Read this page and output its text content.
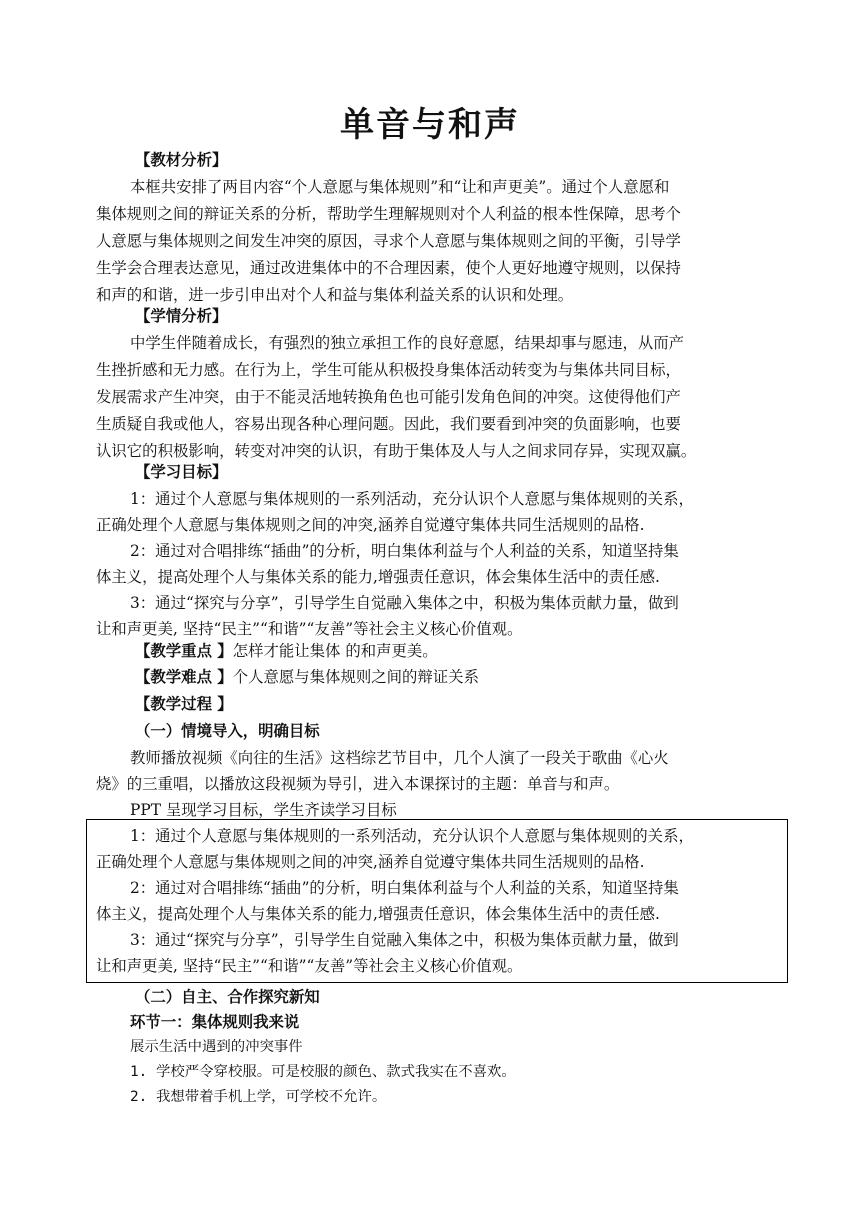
单音与和声
【教材分析】
本框共安排了两目内容“个人意愿与集体规则”和“让和声更美”。通过个人意愿和
集体规则之间的辩证关系的分析，帮助学生理解规则对个人利益的根本性保障，思考个
人意愿与集体规则之间发生冲突的原因，寻求个人意愿与集体规则之间的平衡，引导学
生学会合理表达意见，通过改进集体中的不合理因素，使个人更好地遵守规则，以保持
和声的和谐，进一步引申出对个人和益与集体利益关系的认识和处理。
【学情分析】
中学生伴随着成长，有强烈的独立承担工作的良好意愿，结果却事与愿违，从而产
生挫折感和无力感。在行为上，学生可能从积极投身集体活动转变为与集体共同目标，
发展需求产生冲突，由于不能灵活地转换角色也可能引发角色间的冲突。这使得他们产
生质疑自我或他人，容易出现各种心理问题。因此，我们要看到冲突的负面影响，也要
认识它的积极影响，转变对冲突的认识，有助于集体及人与人之间求同存异，实现双赢。
【学习目标】
1：通过个人意愿与集体规则的一系列活动，充分认识个人意愿与集体规则的关系，
正确处理个人意愿与集体规则之间的冲突,涵养自觉遵守集体共同生活规则的品格.
2：通过对合唱排练“插曲”的分析，明白集体利益与个人利益的关系，知道坚持集
体主义，提高处理个人与集体关系的能力,增强责任意识，体会集体生活中的责任感.
3：通过“探究与分享”，引导学生自觉融入集体之中，积极为集体贡献力量，做到
让和声更美, 坚持“民主”“和谐”“友善”等社会主义核心价值观。
【教学重点 】怎样才能让集体 的和声更美。
【教学难点 】个人意愿与集体规则之间的辩证关系
【教学过程 】
（一）情境导入，明确目标
教师播放视频《向往的生活》这档综艺节目中，几个人演了一段关于歌曲《心火
烧》的三重唱，以播放这段视频为导引，进入本课探讨的主题：单音与和声。
PPT 呈现学习目标，学生齐读学习目标
1：通过个人意愿与集体规则的一系列活动，充分认识个人意愿与集体规则的关系，
正确处理个人意愿与集体规则之间的冲突,涵养自觉遵守集体共同生活规则的品格.
2：通过对合唱排练“插曲”的分析，明白集体利益与个人利益的关系，知道坚持集
体主义，提高处理个人与集体关系的能力,增强责任意识，体会集体生活中的责任感.
3：通过“探究与分享”，引导学生自觉融入集体之中，积极为集体贡献力量，做到
让和声更美, 坚持“民主”“和谐”“友善”等社会主义核心价值观。
（二）自主、合作探究新知
环节一：集体规则我来说
展示生活中遇到的冲突事件
1. 学校严令穿校服。可是校服的颜色、款式我实在不喜欢。
2. 我想带着手机上学，可学校不允许。
